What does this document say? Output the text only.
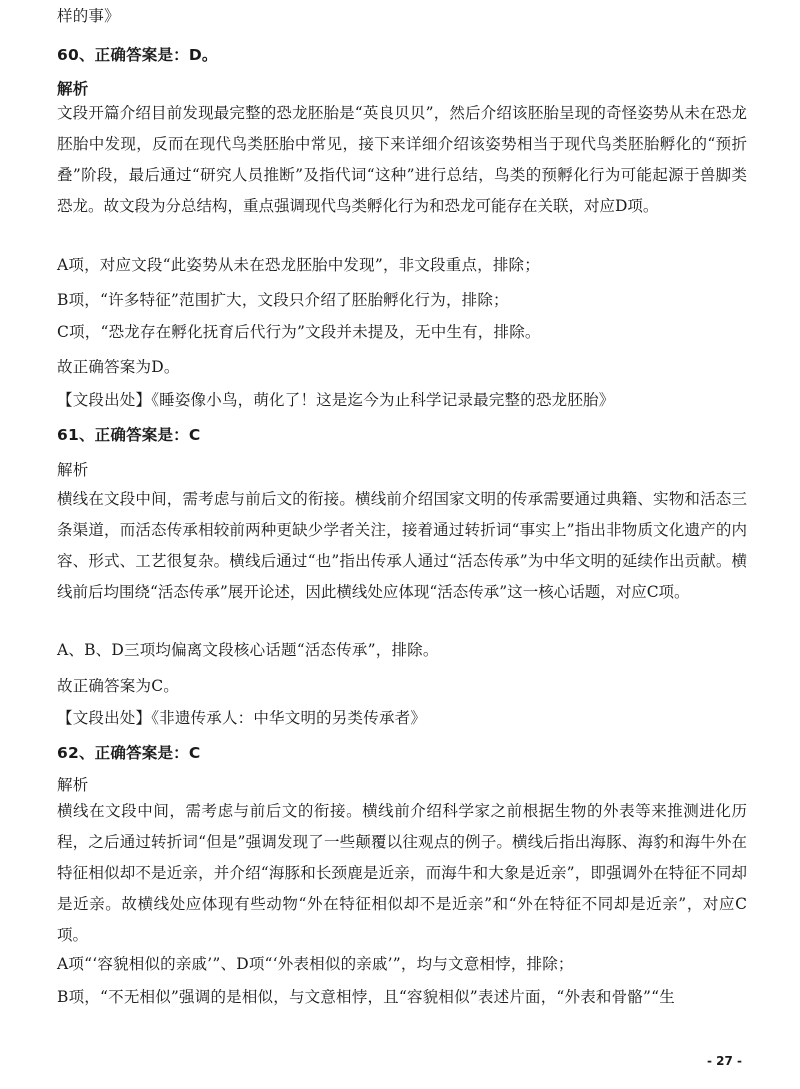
样的事》

60、正确答案是：D。

解析

文段开篇介绍目前发现最完整的恐龙胚胎是“英良贝贝”，然后介绍该胚胎呈现的奇怪姿势从未在恐龙胚胎中发现，反而在现代鸟类胚胎中常见，接下来详细介绍该姿势相当于现代鸟类胚胎孵化的“预折叠”阶段，最后通过“研究人员推断”及指代词“这种”进行总结，鸟类的预孵化行为可能起源于兽脚类恐龙。故文段为分总结构，重点强调现代鸟类孵化行为和恐龙可能存在关联，对应D项。

A项，对应文段“此姿势从未在恐龙胚胎中发现”，非文段重点，排除；

B项，“许多特征”范围扩大，文段只介绍了胚胎孵化行为，排除；

C项，“恐龙存在孵化抚育后代行为”文段并未提及，无中生有，排除。

故正确答案为D。

【文段出处】《睡姿像小鸟，萌化了！这是迄今为止科学记录最完整的恐龙胚胎》

61、正确答案是：C

解析

横线在文段中间，需考虑与前后文的衔接。横线前介绍国家文明的传承需要通过典籍、实物和活态三条渠道，而活态传承相较前两种更缺少学者关注，接着通过转折词“事实上”指出非物质文化遗产的内容、形式、工艺很复杂。横线后通过“也”指出传承人通过“活态传承”为中华文明的延续作出贡献。横线前后均围绕“活态传承”展开论述，因此横线处应体现“活态传承”这一核心话题，对应C项。

A、B、D三项均偏离文段核心话题“活态传承”，排除。

故正确答案为C。

【文段出处】《非遗传承人：中华文明的另类传承者》

62、正确答案是：C

解析

横线在文段中间，需考虑与前后文的衔接。横线前介绍科学家之前根据生物的外表等来推测进化历程，之后通过转折词“但是”强调发现了一些颠覆以往观点的例子。横线后指出海豚、海豹和海牛外在特征相似却不是近亲，并介绍“海豚和长颈鹿是近亲，而海牛和大象是近亲”，即强调外在特征不同却是近亲。故横线处应体现有些动物“外在特征相似却不是近亲”和“外在特征不同却是近亲”，对应C项。

A项“‘容貌相似的亲戚’”、D项“‘外表相似的亲戚’”，均与文意相悖，排除；

B项，“不无相似”强调的是相似，与文意相悖，且“容貌相似”表述片面，“外表和骨骼”“生

- 27 -
